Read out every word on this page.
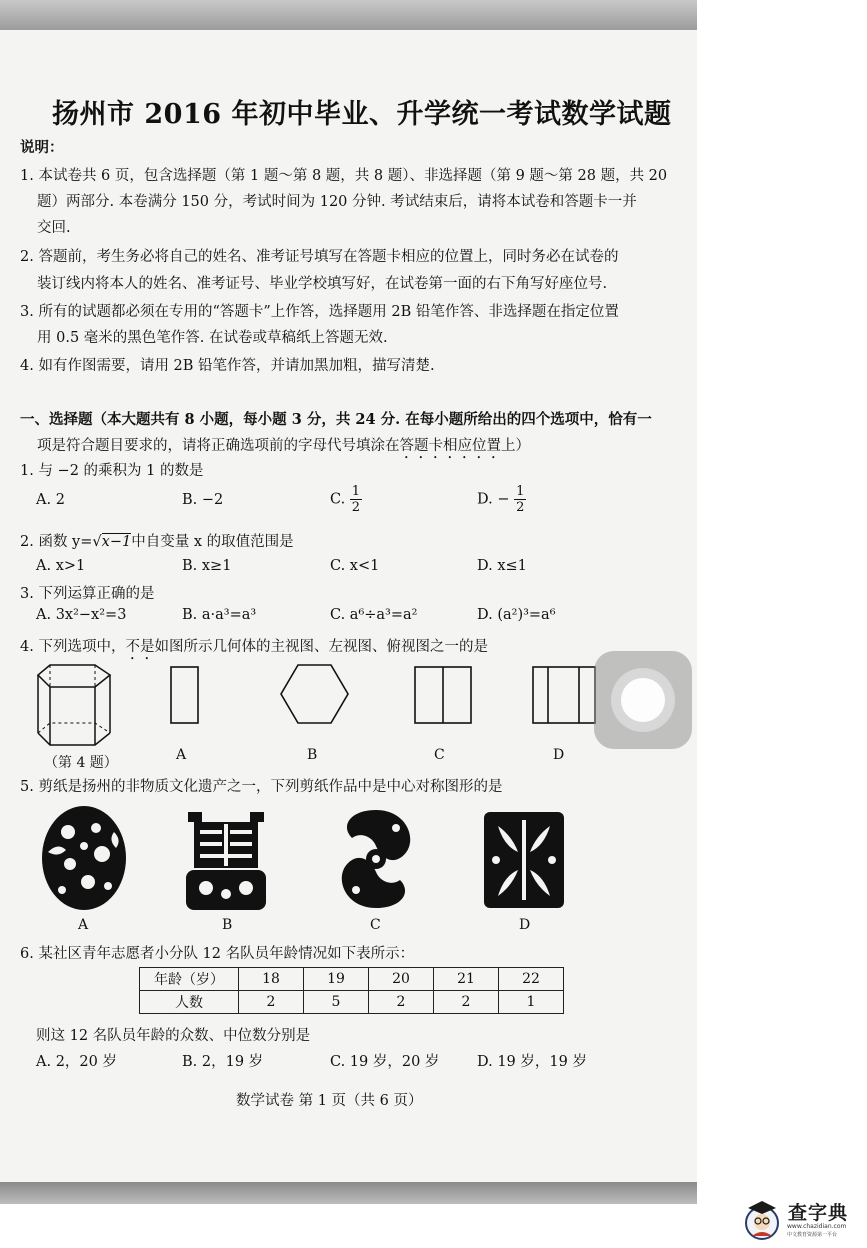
扬州市 2016 年初中毕业、升学统一考试数学试题
说明：
1. 本试卷共 6 页，包含选择题（第 1 题～第 8 题，共 8 题）、非选择题（第 9 题～第 28 题，共 20
题）两部分. 本卷满分 150 分，考试时间为 120 分钟. 考试结束后，请将本试卷和答题卡一并
交回.
2. 答题前，考生务必将自己的姓名、准考证号填写在答题卡相应的位置上，同时务必在试卷的
装订线内将本人的姓名、准考证号、毕业学校填写好，在试卷第一面的右下角写好座位号.
3. 所有的试题都必须在专用的“答题卡”上作答，选择题用 2B 铅笔作答、非选择题在指定位置
用 0.5 毫米的黑色笔作答. 在试卷或草稿纸上答题无效.
4. 如有作图需要，请用 2B 铅笔作答，并请加黑加粗，描写清楚.
一、选择题（本大题共有 8 小题，每小题 3 分，共 24 分. 在每小题所给出的四个选项中，恰有一
项是符合题目要求的，请将正确选项前的字母代号填涂在答题卡相应位置上）
1. 与 −2 的乘积为 1 的数是
A. 2	B. −2	C. $\frac{1}{2}$	D. − $\frac{1}{2}$
2. 函数 y=√x−1中自变量 x 的取值范围是
A. x>1	B. x≥1	C. x<1	D. x≤1
3. 下列运算正确的是
A. 3x²−x²=3	B. a·a³=a³	C. a⁶÷a³=a²	D. (a²)³=a⁶
4. 下列选项中，不是如图所示几何体的主视图、左视图、俯视图之一的是
（第 4 题）	A	B	C	D
5. 剪纸是扬州的非物质文化遗产之一，下列剪纸作品中是中心对称图形的是
A	B	C	D
6. 某社区青年志愿者小分队 12 名队员年龄情况如下表所示：
年龄（岁）	18	19	20	21	22
人数	2	5	2	2	1
则这 12 名队员年龄的众数、中位数分别是
A. 2，20 岁	B. 2，19 岁	C. 19 岁，20 岁	D. 19 岁，19 岁
数学试卷 第 1 页（共 6 页）
查字典
www.chazidian.com
中文教育资源第一平台
